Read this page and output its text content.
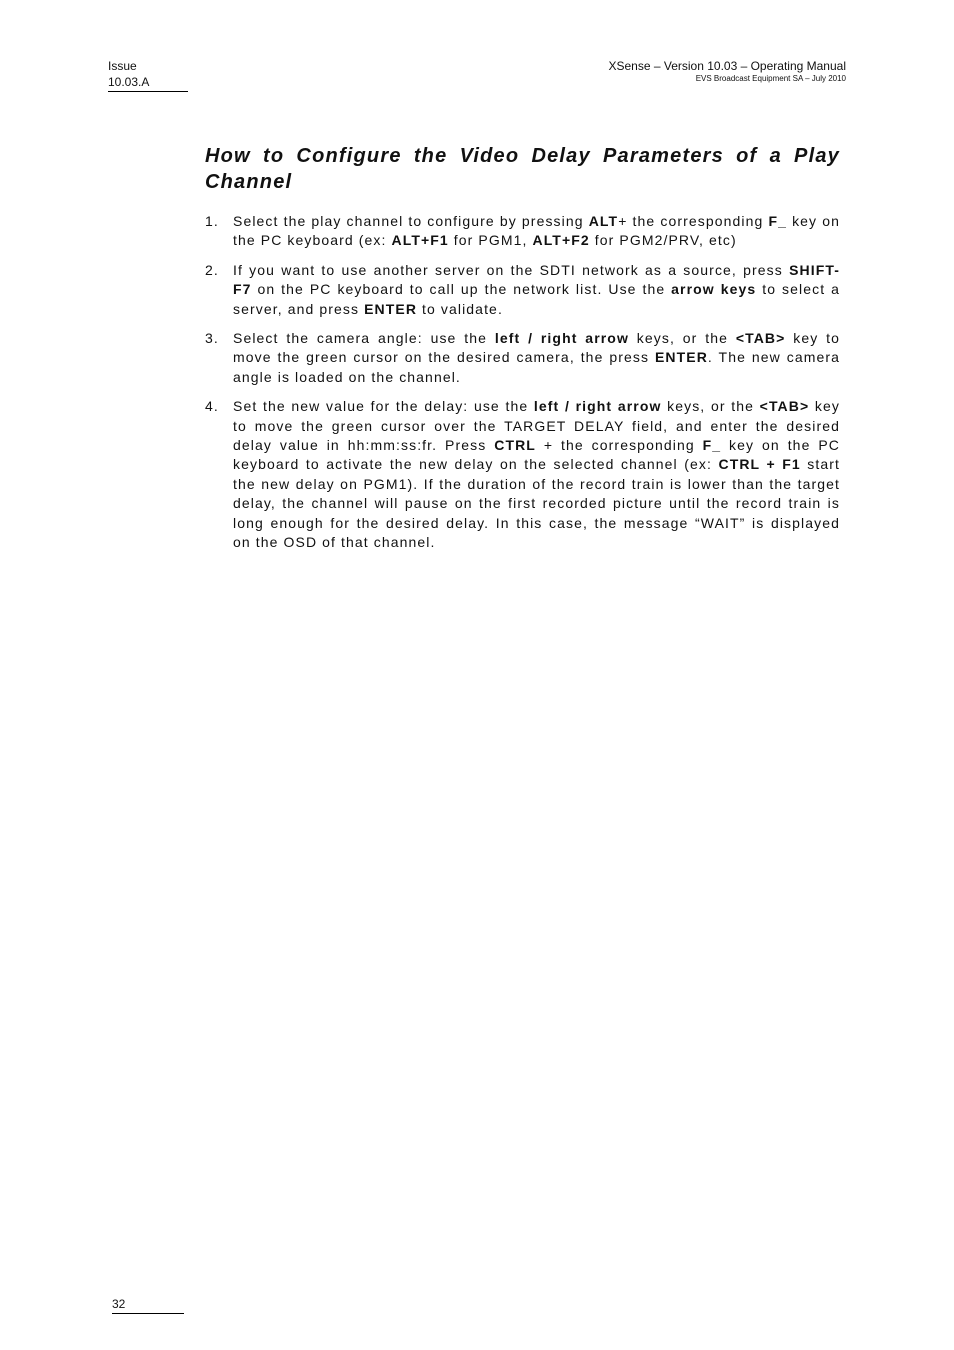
Issue
10.03.A
XSense – Version 10.03 – Operating Manual
EVS Broadcast Equipment SA – July 2010
How to Configure the Video Delay Parameters of a Play Channel
1. Select the play channel to configure by pressing ALT+ the corresponding F_ key on the PC keyboard (ex: ALT+F1 for PGM1, ALT+F2 for PGM2/PRV, etc)
2. If you want to use another server on the SDTI network as a source, press SHIFT-F7 on the PC keyboard to call up the network list. Use the arrow keys to select a server, and press ENTER to validate.
3. Select the camera angle: use the left / right arrow keys, or the <TAB> key to move the green cursor on the desired camera, the press ENTER. The new camera angle is loaded on the channel.
4. Set the new value for the delay: use the left / right arrow keys, or the <TAB> key to move the green cursor over the TARGET DELAY field, and enter the desired delay value in hh:mm:ss:fr. Press CTRL + the corresponding F_ key on the PC keyboard to activate the new delay on the selected channel (ex: CTRL + F1 start the new delay on PGM1). If the duration of the record train is lower than the target delay, the channel will pause on the first recorded picture until the record train is long enough for the desired delay. In this case, the message “WAIT” is displayed on the OSD of that channel.
32
